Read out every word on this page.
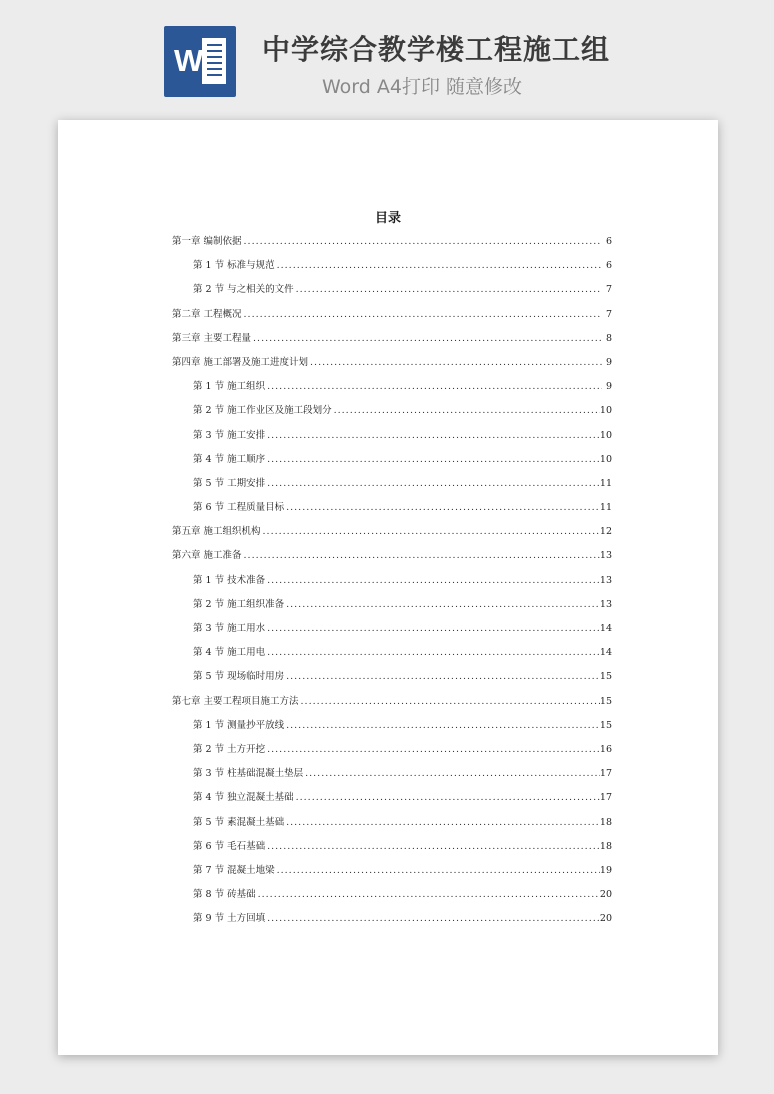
W 中学综合教学楼工程施工组
Word A4打印 随意修改
目录
第一章 编制依据 .....	6
第 1 节 标准与规范 .....	6
第 2 节 与之相关的文件 .....	7
第二章 工程概况 .....	7
第三章 主要工程量 .....	8
第四章 施工部署及施工进度计划 .....	9
第 1 节 施工组织 .....	9
第 2 节 施工作业区及施工段划分 .....	10
第 3 节 施工安排 .....	10
第 4 节 施工顺序 .....	10
第 5 节 工期安排 .....	11
第 6 节 工程质量目标 .....	11
第五章 施工组织机构 .....	12
第六章 施工准备 .....	13
第 1 节 技术准备 .....	13
第 2 节 施工组织准备 .....	13
第 3 节 施工用水 .....	14
第 4 节 施工用电 .....	14
第 5 节 现场临时用房 .....	15
第七章 主要工程项目施工方法 .....	15
第 1 节 测量抄平放线 .....	15
第 2 节 土方开挖 .....	16
第 3 节 柱基础混凝土垫层 .....	17
第 4 节 独立混凝土基础 .....	17
第 5 节 素混凝土基础 .....	18
第 6 节 毛石基础 .....	18
第 7 节 混凝土地梁 .....	19
第 8 节 砖基础 .....	20
第 9 节 土方回填 .....	20
